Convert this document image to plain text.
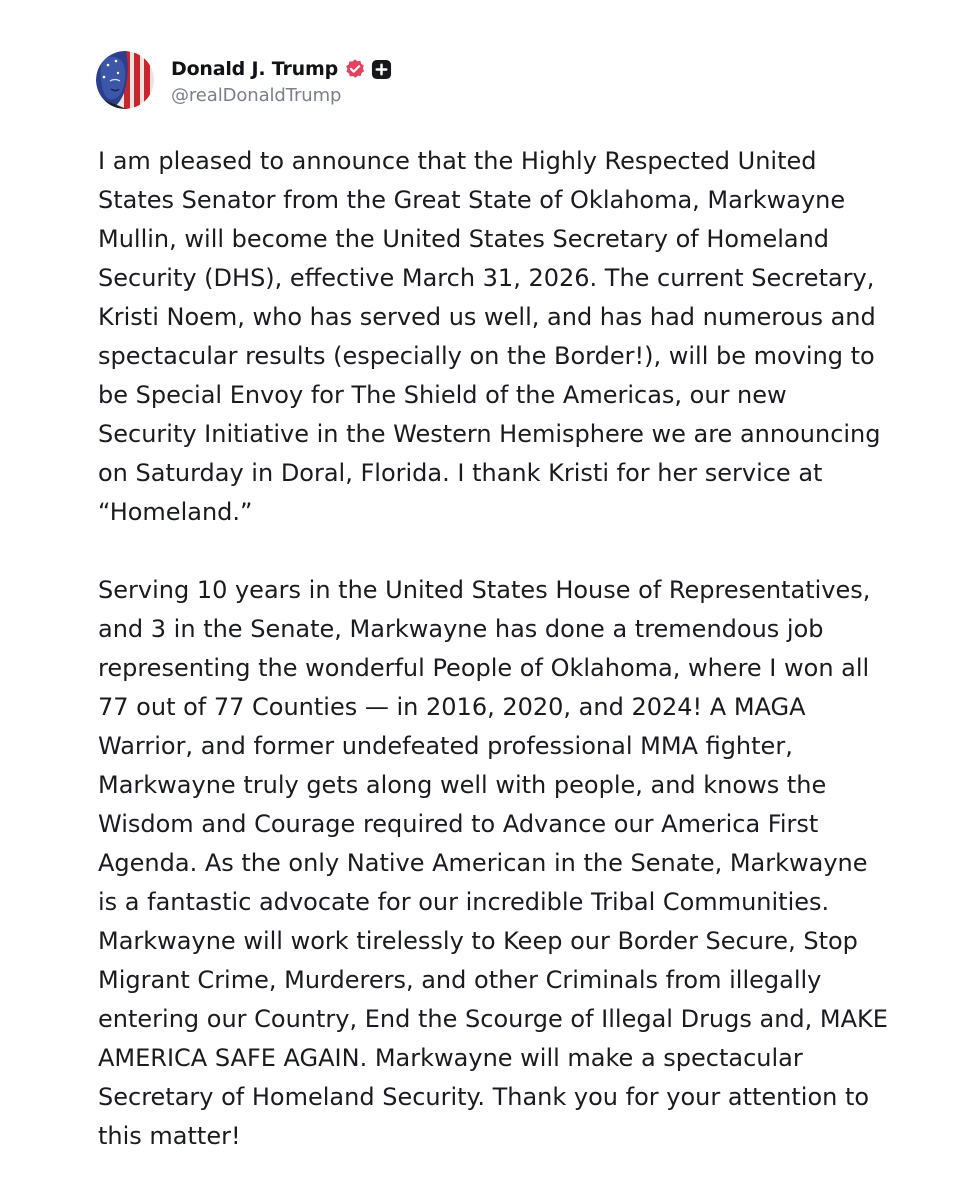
Donald J. Trump
@realDonaldTrump

I am pleased to announce that the Highly Respected United
States Senator from the Great State of Oklahoma, Markwayne
Mullin, will become the United States Secretary of Homeland
Security (DHS), effective March 31, 2026. The current Secretary,
Kristi Noem, who has served us well, and has had numerous and
spectacular results (especially on the Border!), will be moving to
be Special Envoy for The Shield of the Americas, our new
Security Initiative in the Western Hemisphere we are announcing
on Saturday in Doral, Florida. I thank Kristi for her service at
“Homeland.”

Serving 10 years in the United States House of Representatives,
and 3 in the Senate, Markwayne has done a tremendous job
representing the wonderful People of Oklahoma, where I won all
77 out of 77 Counties — in 2016, 2020, and 2024! A MAGA
Warrior, and former undefeated professional MMA fighter,
Markwayne truly gets along well with people, and knows the
Wisdom and Courage required to Advance our America First
Agenda. As the only Native American in the Senate, Markwayne
is a fantastic advocate for our incredible Tribal Communities.
Markwayne will work tirelessly to Keep our Border Secure, Stop
Migrant Crime, Murderers, and other Criminals from illegally
entering our Country, End the Scourge of Illegal Drugs and, MAKE
AMERICA SAFE AGAIN. Markwayne will make a spectacular
Secretary of Homeland Security. Thank you for your attention to
this matter!
